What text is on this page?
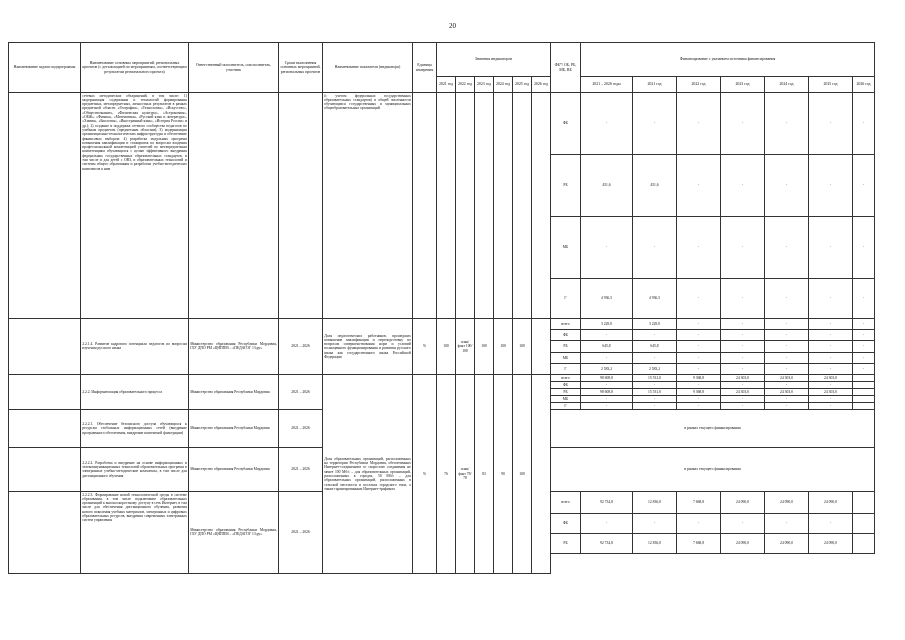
20
Наименование задачи подпрограммы	Наименование основных мероприятий, региональных проектов (с детализацией по мероприятиям, соответствующим результатам регионального проекта)	Ответственный исполнитель, соисполнитель, участник	Сроки выполнения основных мероприятий, региональных проектов	Наименование показателя (индикатора)	Единица измерения	Значения индикаторов						ФБ*/ ОБ, РБ, МБ, ВБ	Финансирование с указанием источника финансирования						
						2021 год	2022 год	2023 год	2024 год	2025 год	2026 год		2021 – 2026 годы	2021 год	2022 год	2023 год	2024 год	2025 год	2026 год
	сетевых методических объединений, в том числе: 1) модернизация содержания и технологий формирования предметных, метапредметных, личностных результатов в рамках предметной области «География», «Технология», «Искусство», «Обществознание», «Физическая культура», «Астрономия», «ОБЖ», «Физика», «Математика», «Русский язык и литература», «Химия», «Биология», «Иностранный язык», «История России» и др.); 2) создание и поддержка сетевого сообщества педагогов по учебным предметам (предметным областям); 3) модернизация организационно-технологических инфраструктуры и обеспечение финансовых выбором: 4) разработка модульных программ повышения квалификации и стажировок по вопросам владения профессиональной компетенцией учителей по метапредметным компетенциям обучающихся с целью эффективного внедрения федеральных государственных образовательных стандартов, в том числе и для детей с ОВЗ, и образовательных технологий и системы общего образования и разработки учебно-методических комплексов к ним			(с учетом федеральных государственных образовательных стандартов) в общей численности обучающихся государственных и муниципальных общеобразовательных организаций								ФБ	-	-	-	-	-	-	-
												РБ	451,6	451,6	-	-	-	-	-
												МБ	-	-	-	-	-	-	-
												Г	4 936,5	4 936,5	-	-	-	-	-
	2.2.1.4. Развитие кадрового потенциала педагогов по вопросам изучения русского языка	Министерство образования Республики Мордовия, ГБУ ДПО РМ «ЦНППМ – «ПЕДАГОГ 13.ру»	2021 – 2026	Доля педагогических работников, прошедших повышение квалификации и переподготовку по вопросам совершенствования норм и условий полноценного функционирования и развития русского языка как государственного языка Российской Федерации	%	100	план/ факт 100/ 100	100	100	100		всего	3 229,0	3 229,0	-	-	-	-	-
												ФБ	-	-	-	-	-	-	-
												РБ	645,8	645,8	-	-	-	-	-
												МБ	-	-	-	-	-	-	-
												Г	2 583,2	2 583,2	-	-	-	-	-
	2.2.2. Информатизация образовательного процесса	Министерство образования Республики Мордовия	2021 – 2026	Доля образовательных организаций, расположенных на территории Республики Мордовия, обеспеченных Интернет-соединением со скоростью соединения не менее 100 Мб/с – для образовательных организаций, расположенных в городах, 50 Мб/с – для образовательных организаций, расположенных в сельской местности и поселках городского типа, а также гарантированным Интернет-трафиком	%	76	план/ факт 78/ 78	83	90	100		всего	98 608,8	15 531,0	9 368,8	24 303,0	24 303,0	24 303,0	
												ФБ	-	-	-	-	-	-	
												РБ	98 608,8	15 531,0	9 368,8	24 303,0	24 303,0	24 303,0	
												МБ	-	-	-	-	-	-	
												Г	-	-	-	-	-	-	
	2.2.2.1. Обеспечение безопасного доступа обучающихся к ресурсам глобальных информационных сетей (внедрение программного обеспечения, внедрение контентной фильтрации)	Министерство образования Республики Мордовия	2021 – 2026									в рамках текущего финансирования							
	2.2.2.2. Разработка и внедрение на основе информационных и телекоммуникационных технологий образовательных программ в электронные учебно-методические комплексы, в том числе для дистанционного обучения	Министерство образования Республики Мордовия	2021 – 2026									в рамках текущего финансирования							
	2.2.2.3. Формирование новой технологической среды в системе образования, в том числе подключение образовательных организаций к высокоскоростному доступу в сеть Интернет, в том числе для обеспечения дистанционного обучения, развития нового поколения учебных материалов, электронных и цифровых образовательных ресурсов, внедрения современных электронных систем управления	Министерство образования Республики Мордовия, ГБУ ДПО РМ «ЦНППМ – «ПЕДАГОГ 13.ру»	2021 – 2026									всего	92 734,8	12 836,0	7 668,8	24 090,0	24 090,0	24 090,0	
												ФБ	-	-	-	-	-	-	
												РБ	92 734,8	12 836,0	7 668,8	24 090,0	24 090,0	24 090,0	
